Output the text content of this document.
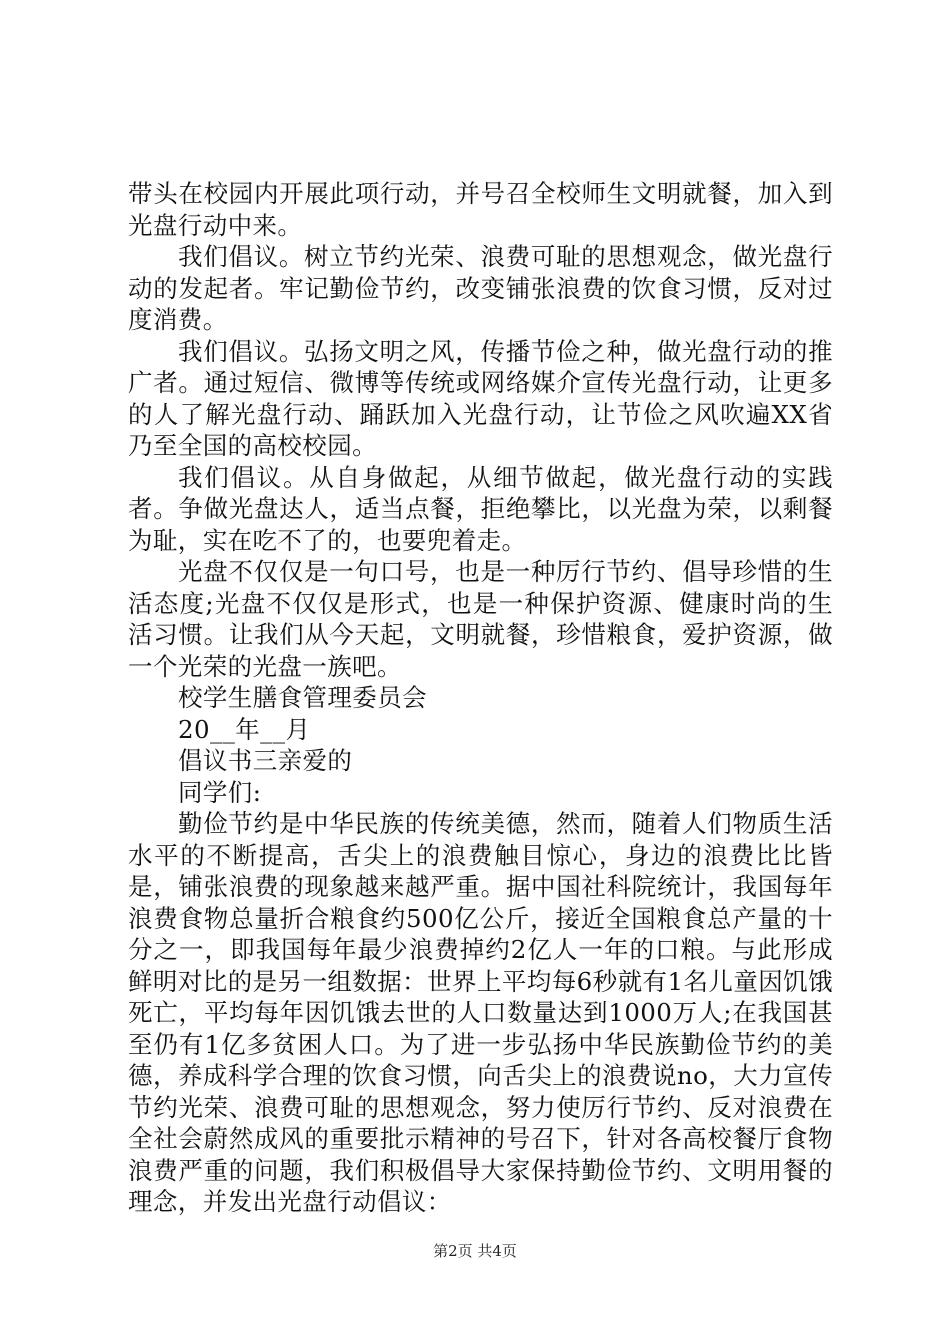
带头在校园内开展此项行动，并号召全校师生文明就餐，加入到光盘行动中来。

我们倡议。树立节约光荣、浪费可耻的思想观念，做光盘行动的发起者。牢记勤俭节约，改变铺张浪费的饮食习惯，反对过度消费。

我们倡议。弘扬文明之风，传播节俭之种，做光盘行动的推广者。通过短信、微博等传统或网络媒介宣传光盘行动，让更多的人了解光盘行动、踊跃加入光盘行动，让节俭之风吹遍XX省乃至全国的高校校园。

我们倡议。从自身做起，从细节做起，做光盘行动的实践者。争做光盘达人，适当点餐，拒绝攀比，以光盘为荣，以剩餐为耻，实在吃不了的，也要兜着走。

光盘不仅仅是一句口号，也是一种厉行节约、倡导珍惜的生活态度;光盘不仅仅是形式，也是一种保护资源、健康时尚的生活习惯。让我们从今天起，文明就餐，珍惜粮食，爱护资源，做一个光荣的光盘一族吧。

校学生膳食管理委员会

20__年__月

倡议书三亲爱的

同学们:

勤俭节约是中华民族的传统美德，然而，随着人们物质生活水平的不断提高，舌尖上的浪费触目惊心，身边的浪费比比皆是，铺张浪费的现象越来越严重。据中国社科院统计，我国每年浪费食物总量折合粮食约500亿公斤，接近全国粮食总产量的十分之一，即我国每年最少浪费掉约2亿人一年的口粮。与此形成鲜明对比的是另一组数据：世界上平均每6秒就有1名儿童因饥饿死亡，平均每年因饥饿去世的人口数量达到1000万人;在我国甚至仍有1亿多贫困人口。为了进一步弘扬中华民族勤俭节约的美德，养成科学合理的饮食习惯，向舌尖上的浪费说no，大力宣传节约光荣、浪费可耻的思想观念，努力使厉行节约、反对浪费在全社会蔚然成风的重要批示精神的号召下，针对各高校餐厅食物浪费严重的问题，我们积极倡导大家保持勤俭节约、文明用餐的理念，并发出光盘行动倡议：

第2页 共4页
